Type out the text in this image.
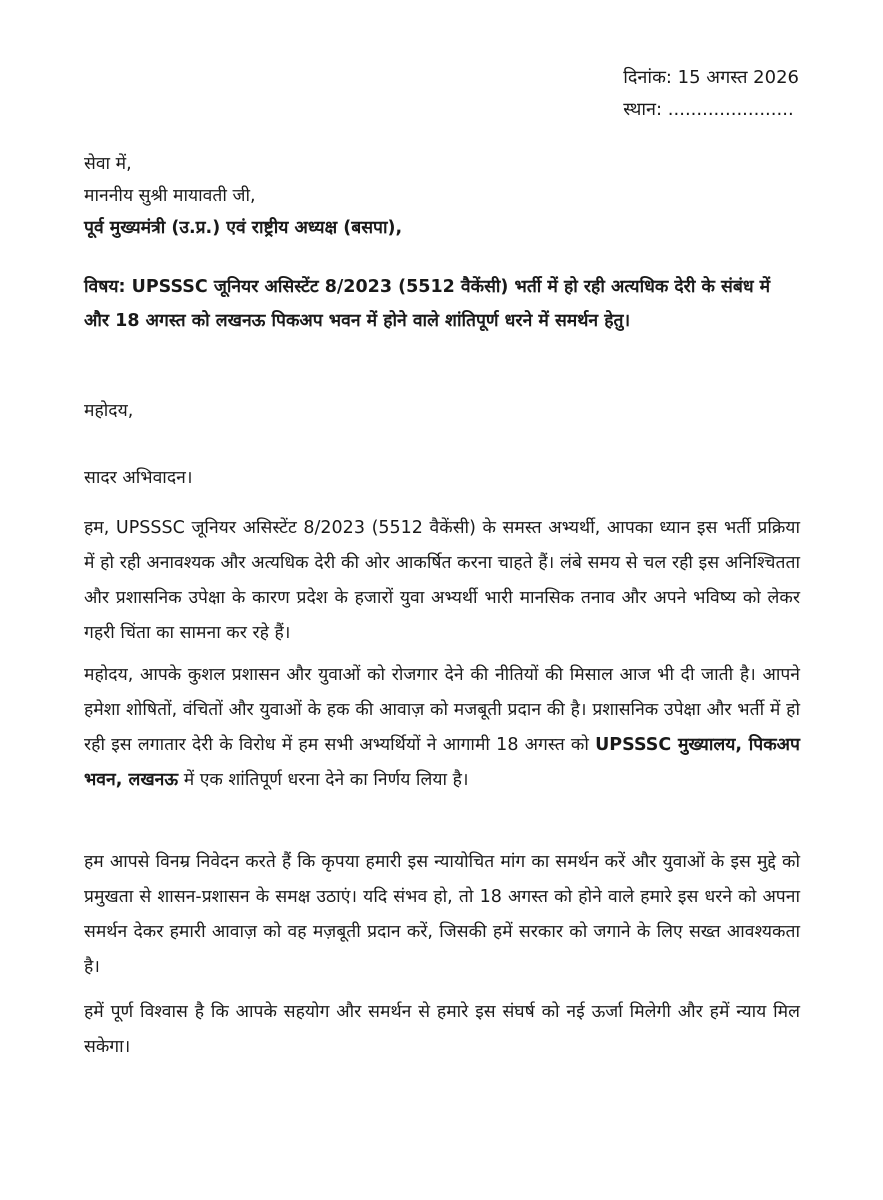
दिनांक: 15 अगस्त 2026
स्थान: ......................
सेवा में,
माननीय सुश्री मायावती जी,
पूर्व मुख्यमंत्री (उ.प्र.) एवं राष्ट्रीय अध्यक्ष (बसपा),
विषय: UPSSSC जूनियर असिस्टेंट 8/2023 (5512 वैकेंसी) भर्ती में हो रही अत्यधिक देरी के संबंध में और 18 अगस्त को लखनऊ पिकअप भवन में होने वाले शांतिपूर्ण धरने में समर्थन हेतु।
महोदय,
सादर अभिवादन।
हम, UPSSSC जूनियर असिस्टेंट 8/2023 (5512 वैकेंसी) के समस्त अभ्यर्थी, आपका ध्यान इस भर्ती प्रक्रिया में हो रही अनावश्यक और अत्यधिक देरी की ओर आकर्षित करना चाहते हैं। लंबे समय से चल रही इस अनिश्चितता और प्रशासनिक उपेक्षा के कारण प्रदेश के हजारों युवा अभ्यर्थी भारी मानसिक तनाव और अपने भविष्य को लेकर गहरी चिंता का सामना कर रहे हैं।
महोदय, आपके कुशल प्रशासन और युवाओं को रोजगार देने की नीतियों की मिसाल आज भी दी जाती है। आपने हमेशा शोषितों, वंचितों और युवाओं के हक की आवाज़ को मजबूती प्रदान की है। प्रशासनिक उपेक्षा और भर्ती में हो रही इस लगातार देरी के विरोध में हम सभी अभ्यर्थियों ने आगामी 18 अगस्त को UPSSSC मुख्यालय, पिकअप भवन, लखनऊ में एक शांतिपूर्ण धरना देने का निर्णय लिया है।
हम आपसे विनम्र निवेदन करते हैं कि कृपया हमारी इस न्यायोचित मांग का समर्थन करें और युवाओं के इस मुद्दे को प्रमुखता से शासन-प्रशासन के समक्ष उठाएं। यदि संभव हो, तो 18 अगस्त को होने वाले हमारे इस धरने को अपना समर्थन देकर हमारी आवाज़ को वह मज़बूती प्रदान करें, जिसकी हमें सरकार को जगाने के लिए सख्त आवश्यकता है।
हमें पूर्ण विश्वास है कि आपके सहयोग और समर्थन से हमारे इस संघर्ष को नई ऊर्जा मिलेगी और हमें न्याय मिल सकेगा।
